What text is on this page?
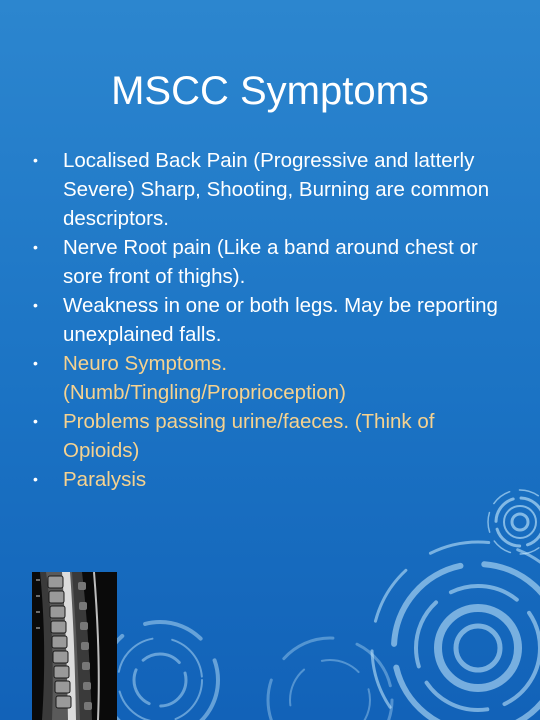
MSCC Symptoms
• Localised Back Pain (Progressive and latterly Severe) Sharp, Shooting, Burning are common descriptors.
• Nerve Root pain (Like a band around chest or sore front of thighs).
• Weakness in one or both legs. May be reporting unexplained falls.
• Neuro Symptoms. (Numb/Tingling/Proprioception)
• Problems passing urine/faeces. (Think of Opioids)
• Paralysis
